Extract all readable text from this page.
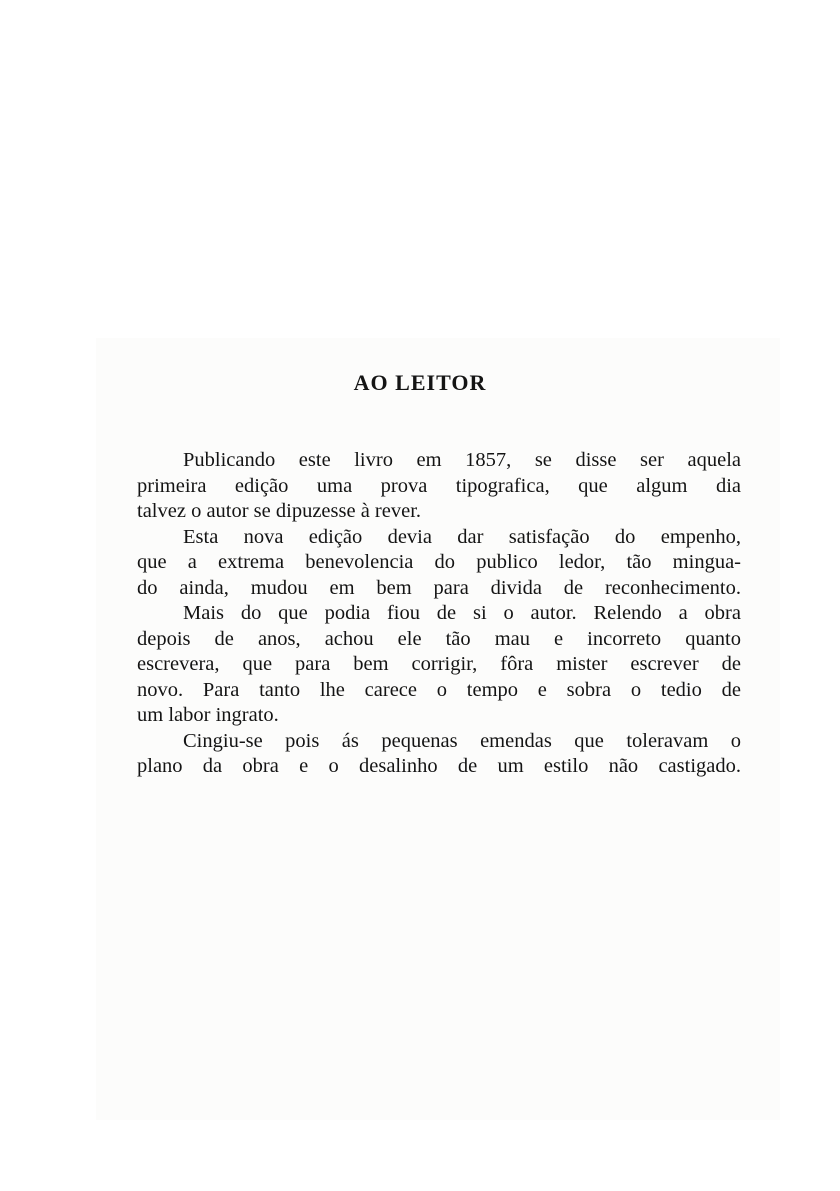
AO LEITOR
Publicando este livro em 1857, se disse ser aquela
primeira edição uma prova tipografica, que algum dia
talvez o autor se dipuzesse à rever.
Esta nova edição devia dar satisfação do empenho,
que a extrema benevolencia do publico ledor, tão mingua-
do ainda, mudou em bem para divida de reconhecimento.
Mais do que podia fiou de si o autor. Relendo a obra
depois de anos, achou ele tão mau e incorreto quanto
escrevera, que para bem corrigir, fôra mister escrever de
novo. Para tanto lhe carece o tempo e sobra o tedio de
um labor ingrato.
Cingiu-se pois ás pequenas emendas que toleravam o
plano da obra e o desalinho de um estilo não castigado.
